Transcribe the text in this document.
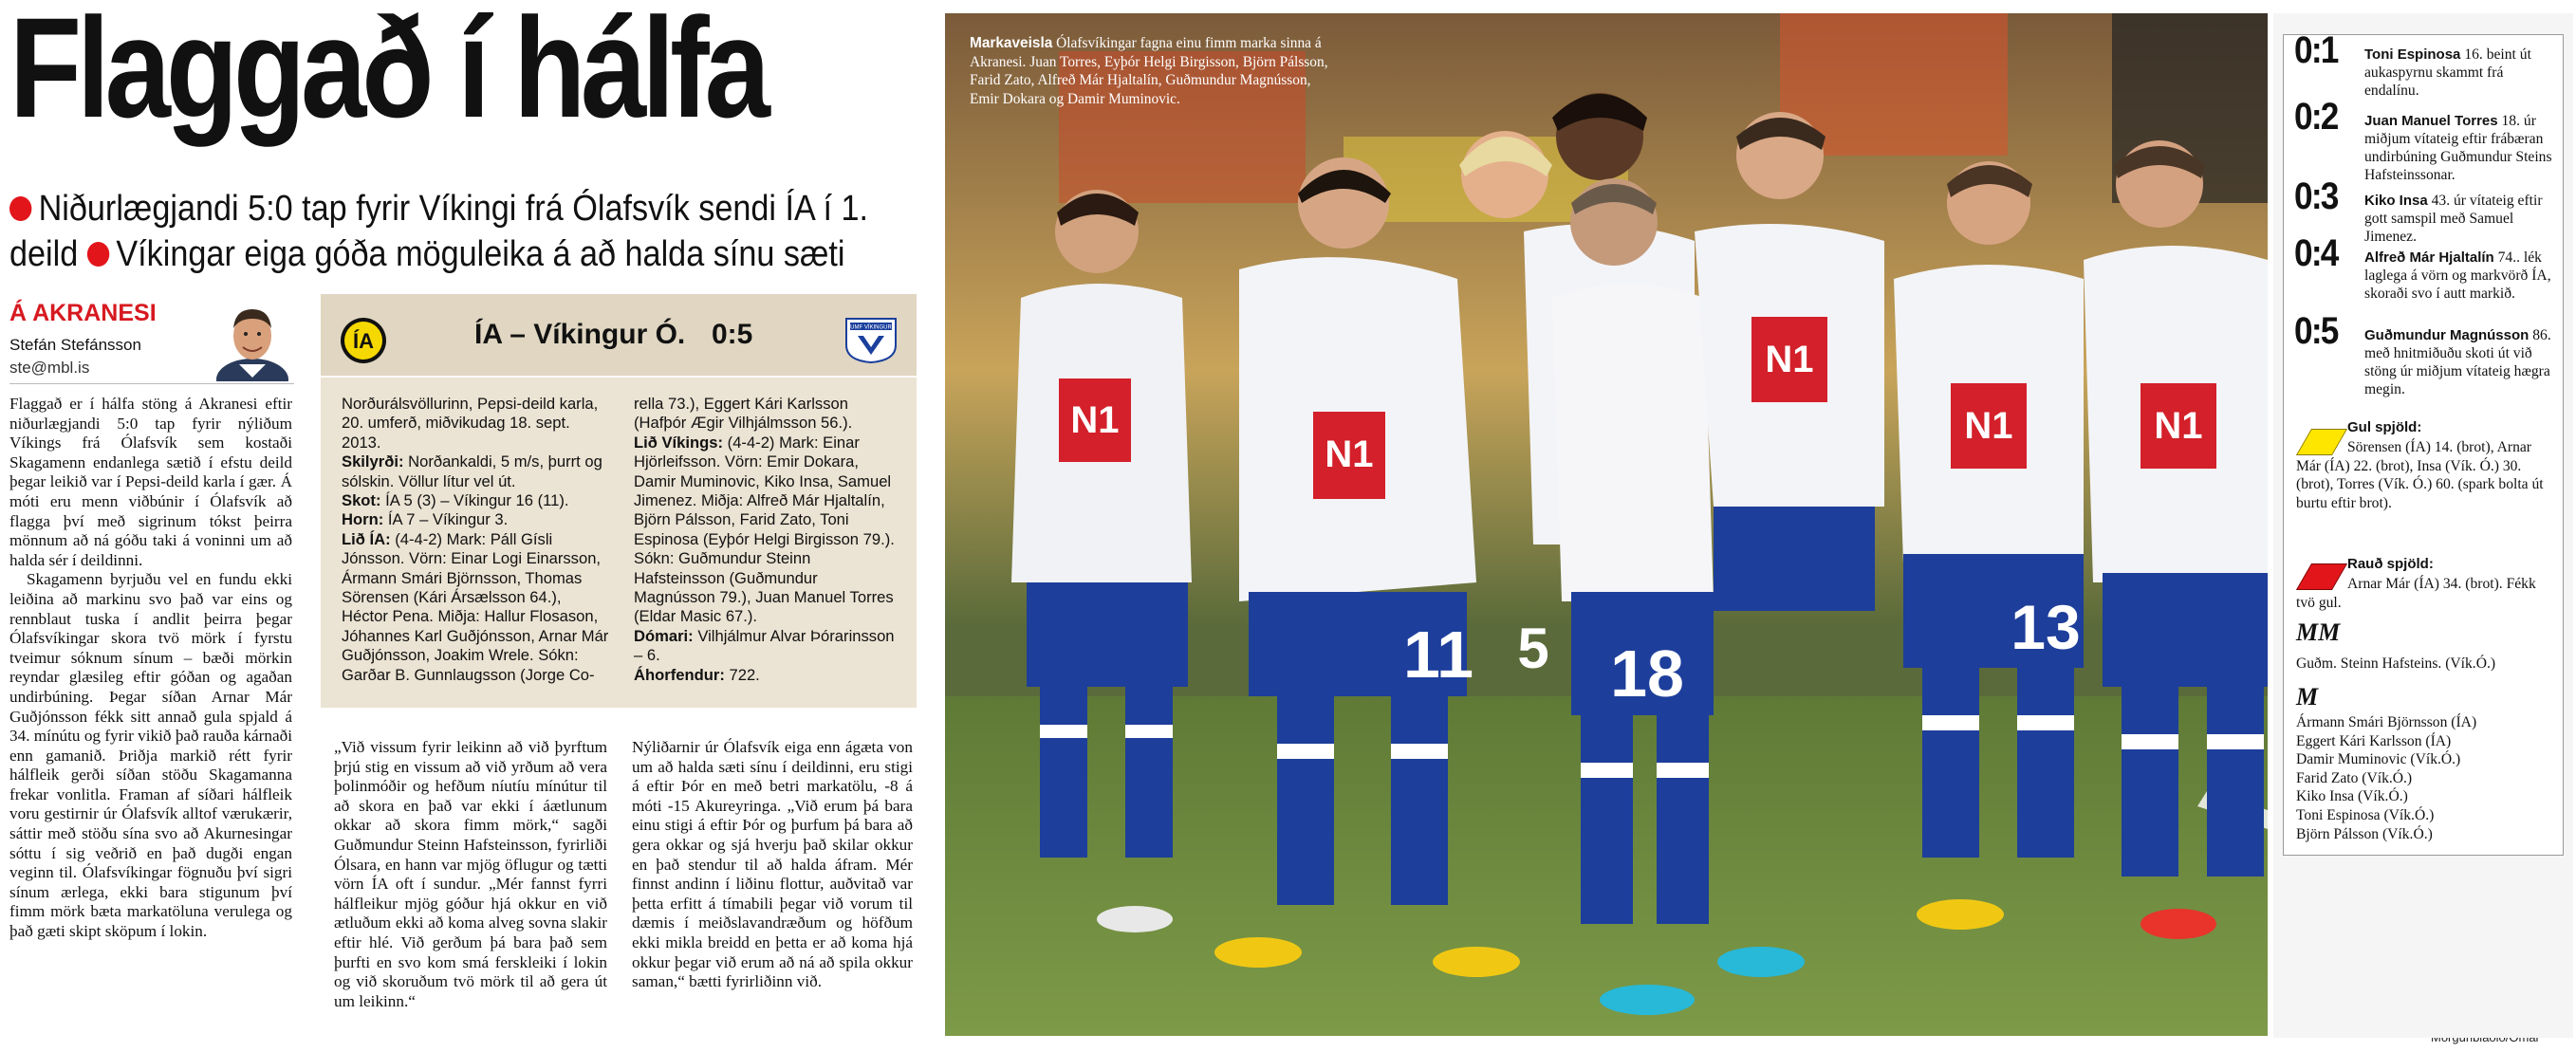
Flaggað í hálfa
Niðurlægjandi 5:0 tap fyrir Víkingi frá Ólafsvík sendi ÍA í 1. deild Víkingar eiga góða möguleika á að halda sínu sæti
Á AKRANESI
Stefán Stefánsson
ste@mbl.is

Flaggað er í hálfa stöng á Akranesi eftir niðurlægjandi 5:0 tap fyrir nýliðum Víkings frá Ólafsvík sem kostaði Skagamenn endanlega sætið í efstu deild þegar leikið var í Pepsi-deild karla í gær. Á móti eru menn viðbúnir í Ólafsvík að flagga því með sigrinum tókst þeirra mönnum að ná góðu taki á voninni um að halda sér í deildinni.

Skagamenn byrjuðu vel en fundu ekki leiðina að markinu svo það var eins og rennblaut tuska í andlit þeirra þegar Ólafsvíkingar skora tvö mörk í fyrstu tveimur sóknum sínum – bæði mörkin reyndar glæsileg eftir góðan og agaðan undirbúning. Þegar síðan Arnar Már Guðjónsson fékk sitt annað gula spjald á 34. mínútu og fyrir vikið það rauða kárnaði enn gamanið. Þriðja markið rétt fyrir hálfleik gerði síðan stöðu Skagamanna frekar vonlitla. Framan af síðari hálfleik voru gestirnir úr Ólafsvík alltof værukærir, sáttir með stöðu sína svo að Akurnesingar sóttu í sig veðrið en það dugði engan veginn til. Ólafsvíkingar fögnuðu því sigri sínum ærlega, ekki bara stigunum því fimm mörk bæta markatöluna verulega og það gæti skipt sköpum í lokin.

ÍA	ÍA – Víkingur Ó. 0:5	UMF VÍKINGUR
Norðurálsvöllurinn, Pepsi-deild karla, 20. umferð, miðvikudag 18. sept. 2013.
Skilyrði: Norðankaldi, 5 m/s, þurrt og sólskin. Völlur lítur vel út.
Skot: ÍA 5 (3) – Víkingur 16 (11).
Horn: ÍA 7 – Víkingur 3.
Lið ÍA: (4-4-2) Mark: Páll Gísli Jónsson. Vörn: Einar Logi Einarsson, Ármann Smári Björnsson, Thomas Sörensen (Kári Ársælsson 64.), Héctor Pena. Miðja: Hallur Flosason, Jóhannes Karl Guðjónsson, Arnar Már Guðjónsson, Joakim Wrele. Sókn: Garðar B. Gunnlaugsson (Jorge Co-
rella 73.), Eggert Kári Karlsson (Hafþór Ægir Vilhjálmsson 56.).
Lið Víkings: (4-4-2) Mark: Einar Hjörleifsson. Vörn: Emir Dokara, Damir Muminovic, Kiko Insa, Samuel Jimenez. Miðja: Alfreð Már Hjaltalín, Björn Pálsson, Farid Zato, Toni Espinosa (Eyþór Helgi Birgisson 79.). Sókn: Guðmundur Steinn Hafsteinsson (Guðmundur Magnússon 79.), Juan Manuel Torres (Eldar Masic 67.).
Dómari: Vilhjálmur Alvar Þórarinsson – 6.
Áhorfendur: 722.

„Við vissum fyrir leikinn að við þyrftum þrjú stig en vissum að við yrðum að vera þolinmóðir og hefðum níutíu mínútur til að skora en það var ekki í áætlunum okkar að skora fimm mörk,“ sagði Guðmundur Steinn Hafsteinsson, fyrirliði Ólsara, en hann var mjög öflugur og tætti vörn ÍA oft í sundur. „Mér fannst fyrri hálfleikur mjög góður hjá okkur en við ætluðum ekki að koma alveg sovna slakir eftir hlé. Við gerðum þá bara það sem þurfti en svo kom smá ferskleiki í lokin og við skoruðum tvö mörk til að gera út um leikinn.“

Nýliðarnir úr Ólafsvík eiga enn ágæta von um að halda sæti sínu í deildinni, eru stigi á eftir Þór en með betri markatölu, -8 á móti -15 Akureyringa. „Við erum þá bara einu stigi á eftir Þór og þurfum þá bara að gera okkar og sjá hverju það skilar okkur en það stendur til að halda áfram. Mér finnst andinn í liðinu flottur, auðvitað var þetta erfitt á tímabili þegar við vorum til dæmis í meiðslavandræðum og höfðum ekki mikla breidd en þetta er að koma hjá okkur þegar við erum að ná að spila okkur saman,“ bætti fyrirliðinn við.

N1
N1
11 5 18
N1
N1
13
N1
Markaveisla Ólafsvíkingar fagna einu fimm marka sinna á Akranesi. Juan Torres, Eyþór Helgi Birgisson, Björn Pálsson, Farid Zato, Alfreð Már Hjaltalín, Guðmundur Magnússon, Emir Dokara og Damir Muminovic.
0:1 Toni Espinosa 16. beint út aukaspyrnu skammt frá endalínu.
0:2 Juan Manuel Torres 18. úr miðjum vítateig eftir frábæran undirbúning Guðmundur Steins Hafsteinssonar.
0:3 Kiko Insa 43. úr vítateig eftir gott samspil með Samuel Jimenez.
0:4 Alfreð Már Hjaltalín 74.. lék laglega á vörn og markvörð ÍA, skoraði svo í autt markið.
0:5 Guðmundur Magnússon 86. með hnitmiðuðu skoti út við stöng úr miðjum vítateig hægra megin.
Gul spjöld:
Sörensen (ÍA) 14. (brot), Arnar Már (ÍA) 22. (brot), Insa (Vík. Ó.) 30. (brot), Torres (Vík. Ó.) 60. (spark bolta út burtu eftir brot).
Rauð spjöld:
Arnar Már (ÍA) 34. (brot). Fékk tvö gul.
MM
Guðm. Steinn Hafsteins. (Vík.Ó.)
M
Ármann Smári Björnsson (ÍA)
Eggert Kári Karlsson (ÍA)
Damir Muminovic (Vík.Ó.)
Farid Zato (Vík.Ó.)
Kiko Insa (Vík.Ó.)
Toni Espinosa (Vík.Ó.)
Björn Pálsson (Vík.Ó.)
